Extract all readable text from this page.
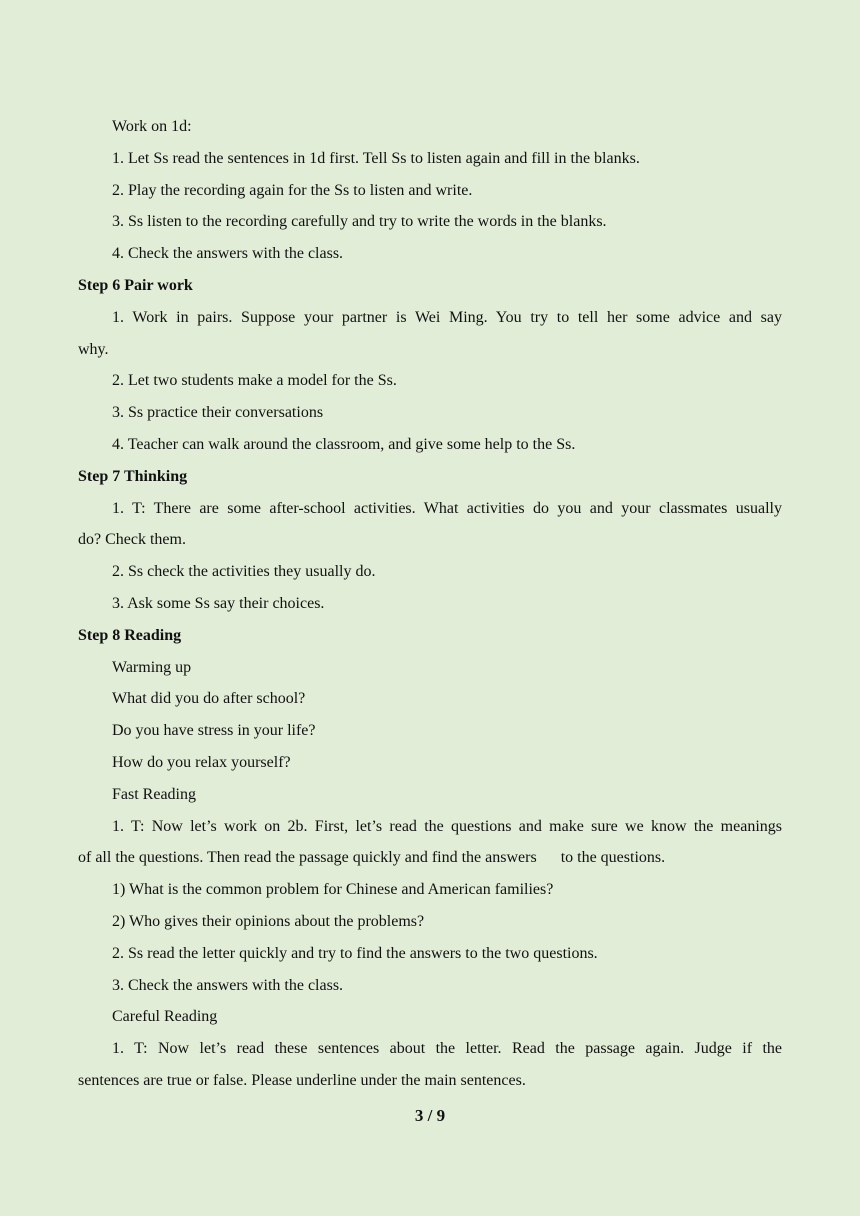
Work on 1d:
1. Let Ss read the sentences in 1d first. Tell Ss to listen again and fill in the blanks.
2. Play the recording again for the Ss to listen and write.
3. Ss listen to the recording carefully and try to write the words in the blanks.
4. Check the answers with the class.
Step 6 Pair work
1. Work in pairs. Suppose your partner is Wei Ming. You try to tell her some advice and say
why.
2. Let two students make a model for the Ss.
3. Ss practice their conversations
4. Teacher can walk around the classroom, and give some help to the Ss.
Step 7 Thinking
1. T: There are some after-school activities. What activities do you and your classmates usually
do? Check them.
2. Ss check the activities they usually do.
3. Ask some Ss say their choices.
Step 8 Reading
Warming up
What did you do after school?
Do you have stress in your life?
How do you relax yourself?
Fast Reading
1. T: Now let’s work on 2b. First, let’s read the questions and make sure we know the meanings
of all the questions. Then read the passage quickly and find the answers      to the questions.
1) What is the common problem for Chinese and American families?
2) Who gives their opinions about the problems?
2. Ss read the letter quickly and try to find the answers to the two questions.
3. Check the answers with the class.
Careful Reading
1. T: Now let’s read these sentences about the letter. Read the passage again. Judge if the
sentences are true or false. Please underline under the main sentences.
3 / 9
